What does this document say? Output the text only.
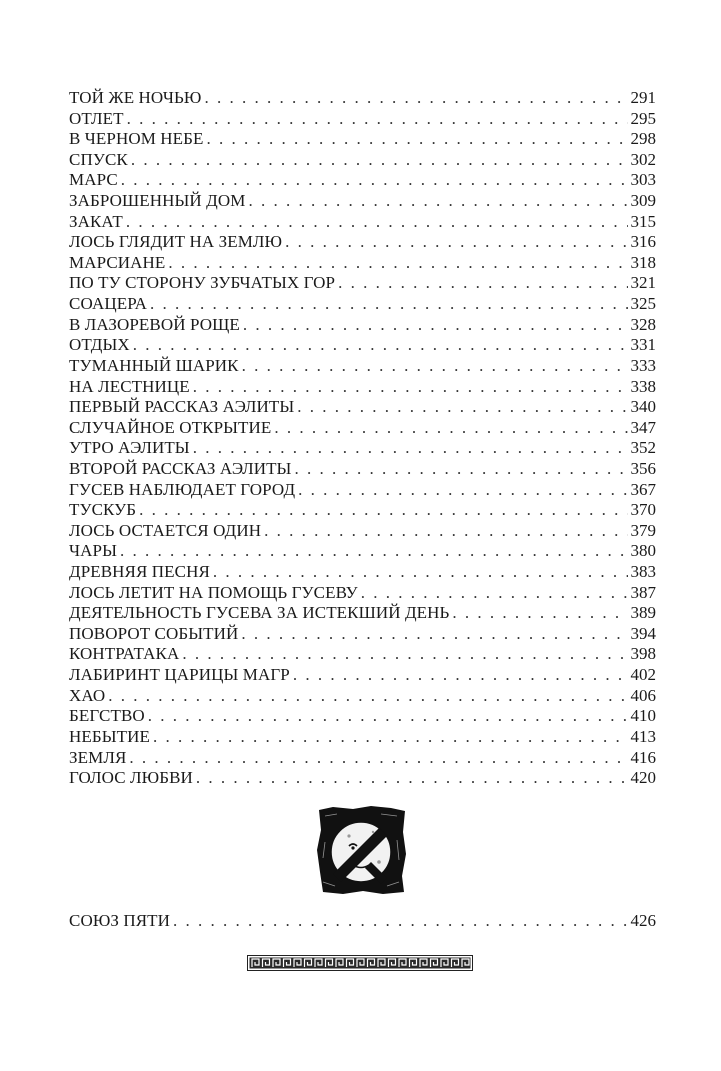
ТОЙ ЖЕ НОЧЬЮ . . .	291
ОТЛЕТ . . .	295
В ЧЕРНОМ НЕБЕ . . .	298
СПУСК . . .	302
МАРС . . .	303
ЗАБРОШЕННЫЙ ДОМ . . .	309
ЗАКАТ . . .	315
ЛОСЬ ГЛЯДИТ НА ЗЕМЛЮ . . .	316
МАРСИАНЕ . . .	318
ПО ТУ СТОРОНУ ЗУБЧАТЫХ ГОР . . .	321
СОАЦЕРА . . .	325
В ЛАЗОРЕВОЙ РОЩЕ . . .	328
ОТДЫХ . . .	331
ТУМАННЫЙ ШАРИК . . .	333
НА ЛЕСТНИЦЕ . . .	338
ПЕРВЫЙ РАССКАЗ АЭЛИТЫ . . .	340
СЛУЧАЙНОЕ ОТКРЫТИЕ . . .	347
УТРО АЭЛИТЫ . . .	352
ВТОРОЙ РАССКАЗ АЭЛИТЫ . . .	356
ГУСЕВ НАБЛЮДАЕТ ГОРОД . . .	367
ТУСКУБ . . .	370
ЛОСЬ ОСТАЕТСЯ ОДИН . . .	379
ЧАРЫ . . .	380
ДРЕВНЯЯ ПЕСНЯ . . .	383
ЛОСЬ ЛЕТИТ НА ПОМОЩЬ ГУСЕВУ . . .	387
ДЕЯТЕЛЬНОСТЬ ГУСЕВА ЗА ИСТЕКШИЙ ДЕНЬ . . .	389
ПОВОРОТ СОБЫТИЙ . . .	394
КОНТРАТАКА . . .	398
ЛАБИРИНТ ЦАРИЦЫ МАГР . . .	402
ХАО . . .	406
БЕГСТВО . . .	410
НЕБЫТИЕ . . .	413
ЗЕМЛЯ . . .	416
ГОЛОС ЛЮБВИ . . .	420
СОЮЗ ПЯТИ . . .	426
